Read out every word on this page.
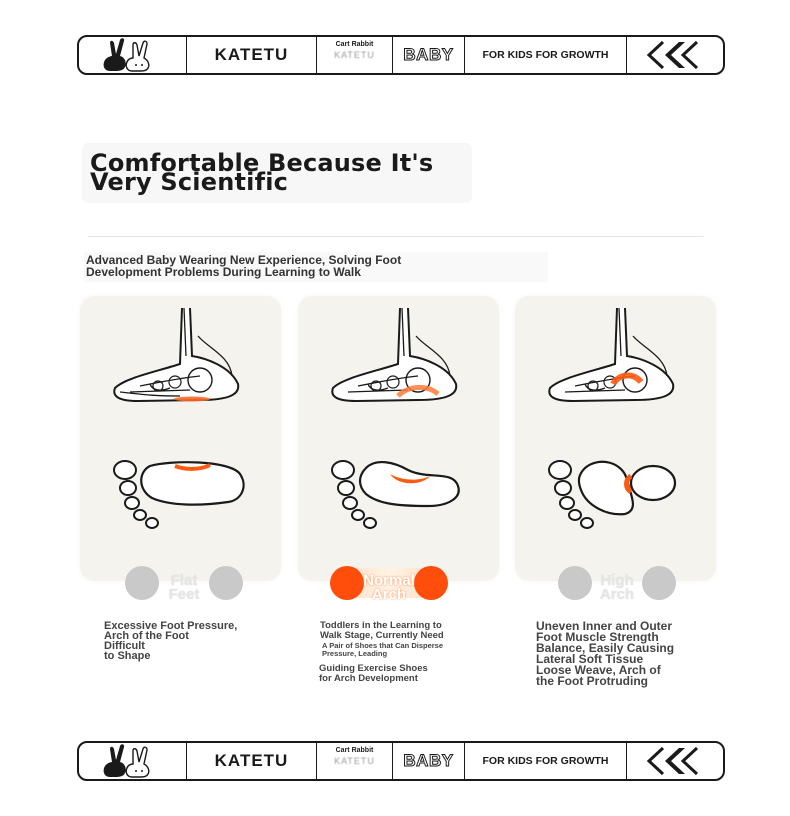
KATETU
Cart Rabbit
KATETU BABY	FOR KIDS FOR GROWTH
Comfortable Because It's
Very Scientific

Advanced Baby Wearing New Experience, Solving Foot
Development Problems During Learning to Walk

Flat
Feet

Excessive Foot Pressure,
Arch of the Foot
Difficult
to Shape

Normal
Arch

Toddlers in the Learning to
Walk Stage, Currently Need

A Pair of Shoes that Can Disperse
Pressure, Leading

Guiding Exercise Shoes
for Arch Development

High
Arch

Uneven Inner and Outer
Foot Muscle Strength
Balance, Easily Causing
Lateral Soft Tissue
Loose Weave, Arch of
the Foot Protruding

KATETU
Cart Rabbit
KATETU BABY	FOR KIDS FOR GROWTH
